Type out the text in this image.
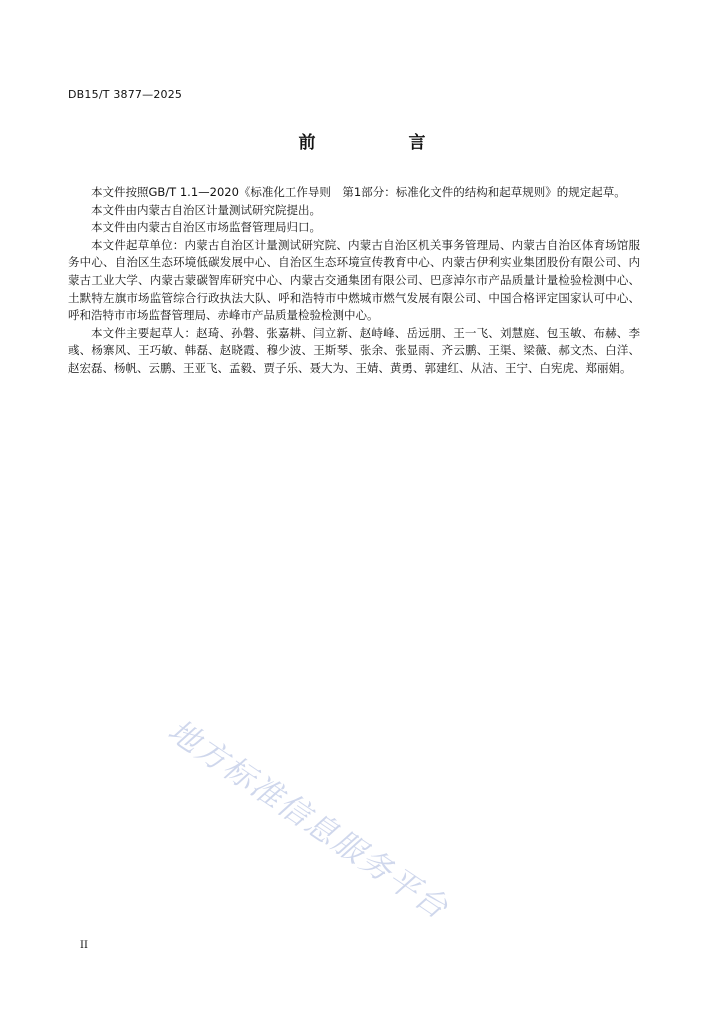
DB15/T 3877—2025
前　言

本文件按照GB/T 1.1—2020《标准化工作导则　第1部分：标准化文件的结构和起草规则》的规定起草。

本文件由内蒙古自治区计量测试研究院提出。

本文件由内蒙古自治区市场监督管理局归口。

本文件起草单位：内蒙古自治区计量测试研究院、内蒙古自治区机关事务管理局、内蒙古自治区体育场馆服务中心、自治区生态环境低碳发展中心、自治区生态环境宣传教育中心、内蒙古伊利实业集团股份有限公司、内蒙古工业大学、内蒙古蒙碳智库研究中心、内蒙古交通集团有限公司、巴彦淖尔市产品质量计量检验检测中心、土默特左旗市场监管综合行政执法大队、呼和浩特市中燃城市燃气发展有限公司、中国合格评定国家认可中心、呼和浩特市市场监督管理局、赤峰市产品质量检验检测中心。

本文件主要起草人：赵琦、孙磐、张嘉耕、闫立新、赵峙峰、岳远朋、王一飞、刘慧庭、包玉敏、布赫、李彧、杨寨风、王巧敏、韩磊、赵晓霞、穆少波、王斯琴、张余、张显雨、齐云鹏、王渠、梁薇、郝文杰、白洋、赵宏磊、杨帆、云鹏、王亚飞、孟毅、贾子乐、聂大为、王婧、黄勇、郭建红、从洁、王宁、白宪虎、郑丽娟。

地方标准信息服务平台
II
